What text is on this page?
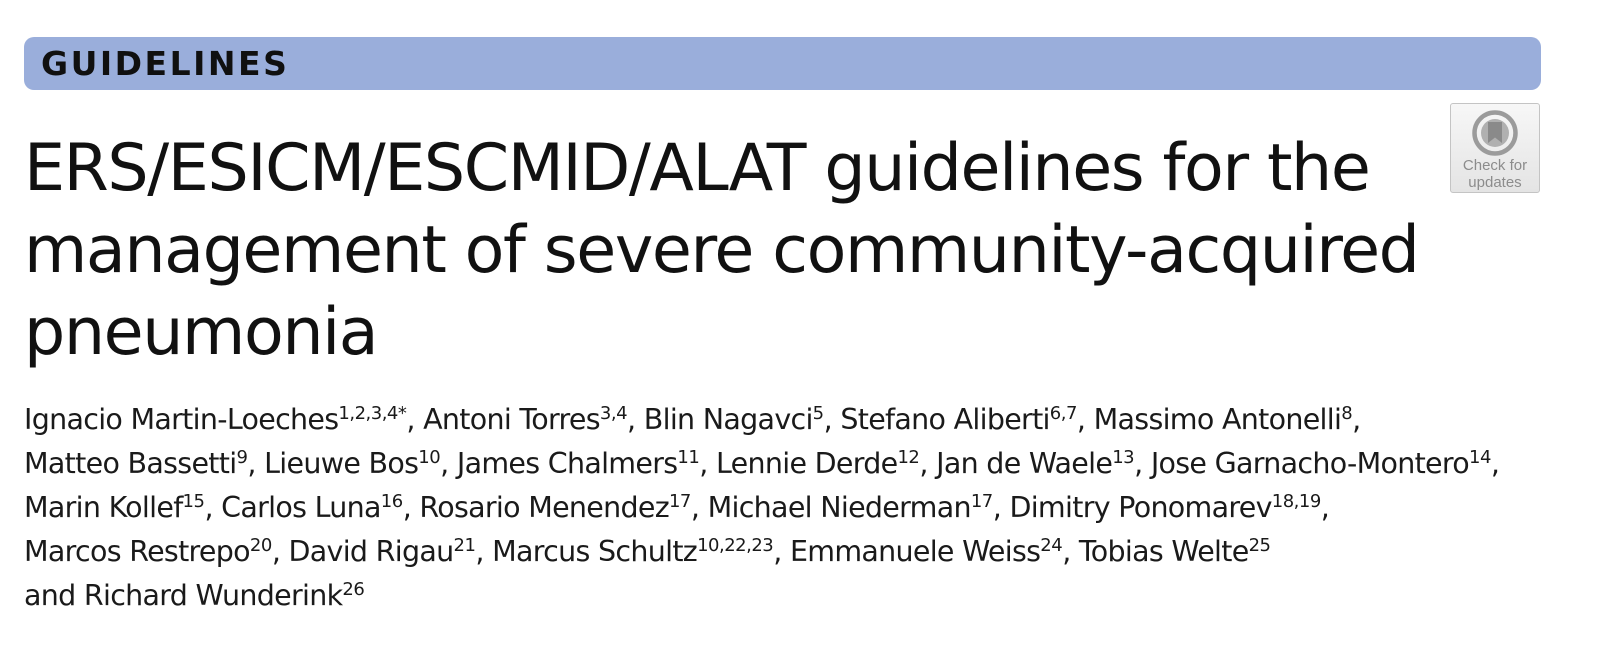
GUIDELINES
Check for
updates
ERS/ESICM/ESCMID/ALAT guidelines for the management of severe community-acquired pneumonia
Ignacio Martin-Loeches$^{1,2,3,4*}$, Antoni Torres$^{3,4}$, Blin Nagavci$^5$, Stefano Aliberti$^{6,7}$, Massimo Antonelli$^8$,
Matteo Bassetti$^9$, Lieuwe Bos$^{10}$, James Chalmers$^{11}$, Lennie Derde$^{12}$, Jan de Waele$^{13}$, Jose Garnacho-Montero$^{14}$,
Marin Kollef$^{15}$, Carlos Luna$^{16}$, Rosario Menendez$^{17}$, Michael Niederman$^{17}$, Dimitry Ponomarev$^{18,19}$,
Marcos Restrepo$^{20}$, David Rigau$^{21}$, Marcus Schultz$^{10,22,23}$, Emmanuele Weiss$^{24}$, Tobias Welte$^{25}$
and Richard Wunderink$^{26}$
